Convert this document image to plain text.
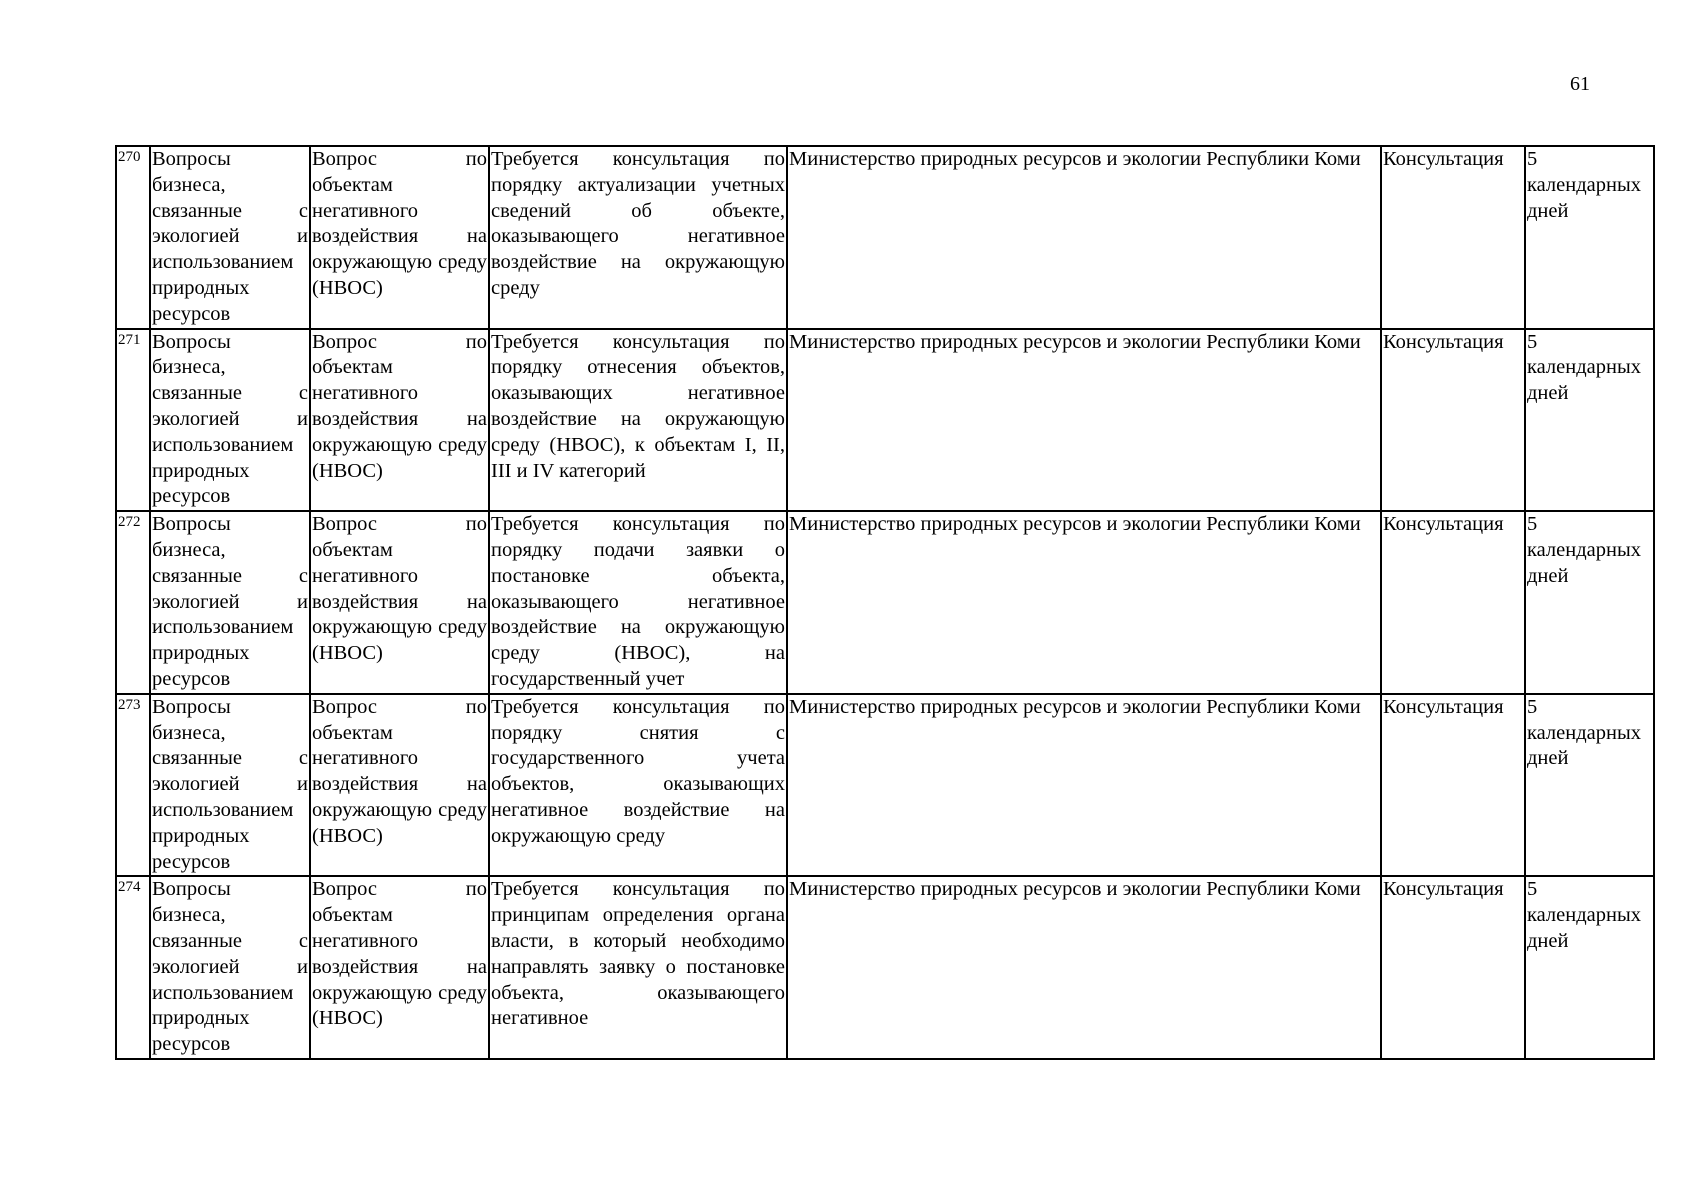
61
270	Вопросы бизнеса, связанные с экологией и использованием природных ресурсов	Вопрос по объектам негативного воздействия на окружающую среду (НВОС)	Требуется консультация по порядку актуализации учетных сведений об объекте, оказывающего негативное воздействие на окружающую среду	Министерство природных ресурсов и экологии Республики Коми	Консультация	5 календарных дней
271	Вопросы бизнеса, связанные с экологией и использованием природных ресурсов	Вопрос по объектам негативного воздействия на окружающую среду (НВОС)	Требуется консультация по порядку отнесения объектов, оказывающих негативное воздействие на окружающую среду (НВОС), к объектам I, II, III и IV категорий	Министерство природных ресурсов и экологии Республики Коми	Консультация	5 календарных дней
272	Вопросы бизнеса, связанные с экологией и использованием природных ресурсов	Вопрос по объектам негативного воздействия на окружающую среду (НВОС)	Требуется консультация по порядку подачи заявки о постановке объекта, оказывающего негативное воздействие на окружающую среду (НВОС), на государственный учет	Министерство природных ресурсов и экологии Республики Коми	Консультация	5 календарных дней
273	Вопросы бизнеса, связанные с экологией и использованием природных ресурсов	Вопрос по объектам негативного воздействия на окружающую среду (НВОС)	Требуется консультация по порядку снятия с государственного учета объектов, оказывающих негативное воздействие на окружающую среду	Министерство природных ресурсов и экологии Республики Коми	Консультация	5 календарных дней
274	Вопросы бизнеса, связанные с экологией и использованием природных ресурсов	Вопрос по объектам негативного воздействия на окружающую среду (НВОС)	Требуется консультация по принципам определения органа власти, в который необходимо направлять заявку о постановке объекта, оказывающего негативное	Министерство природных ресурсов и экологии Республики Коми	Консультация	5 календарных дней
